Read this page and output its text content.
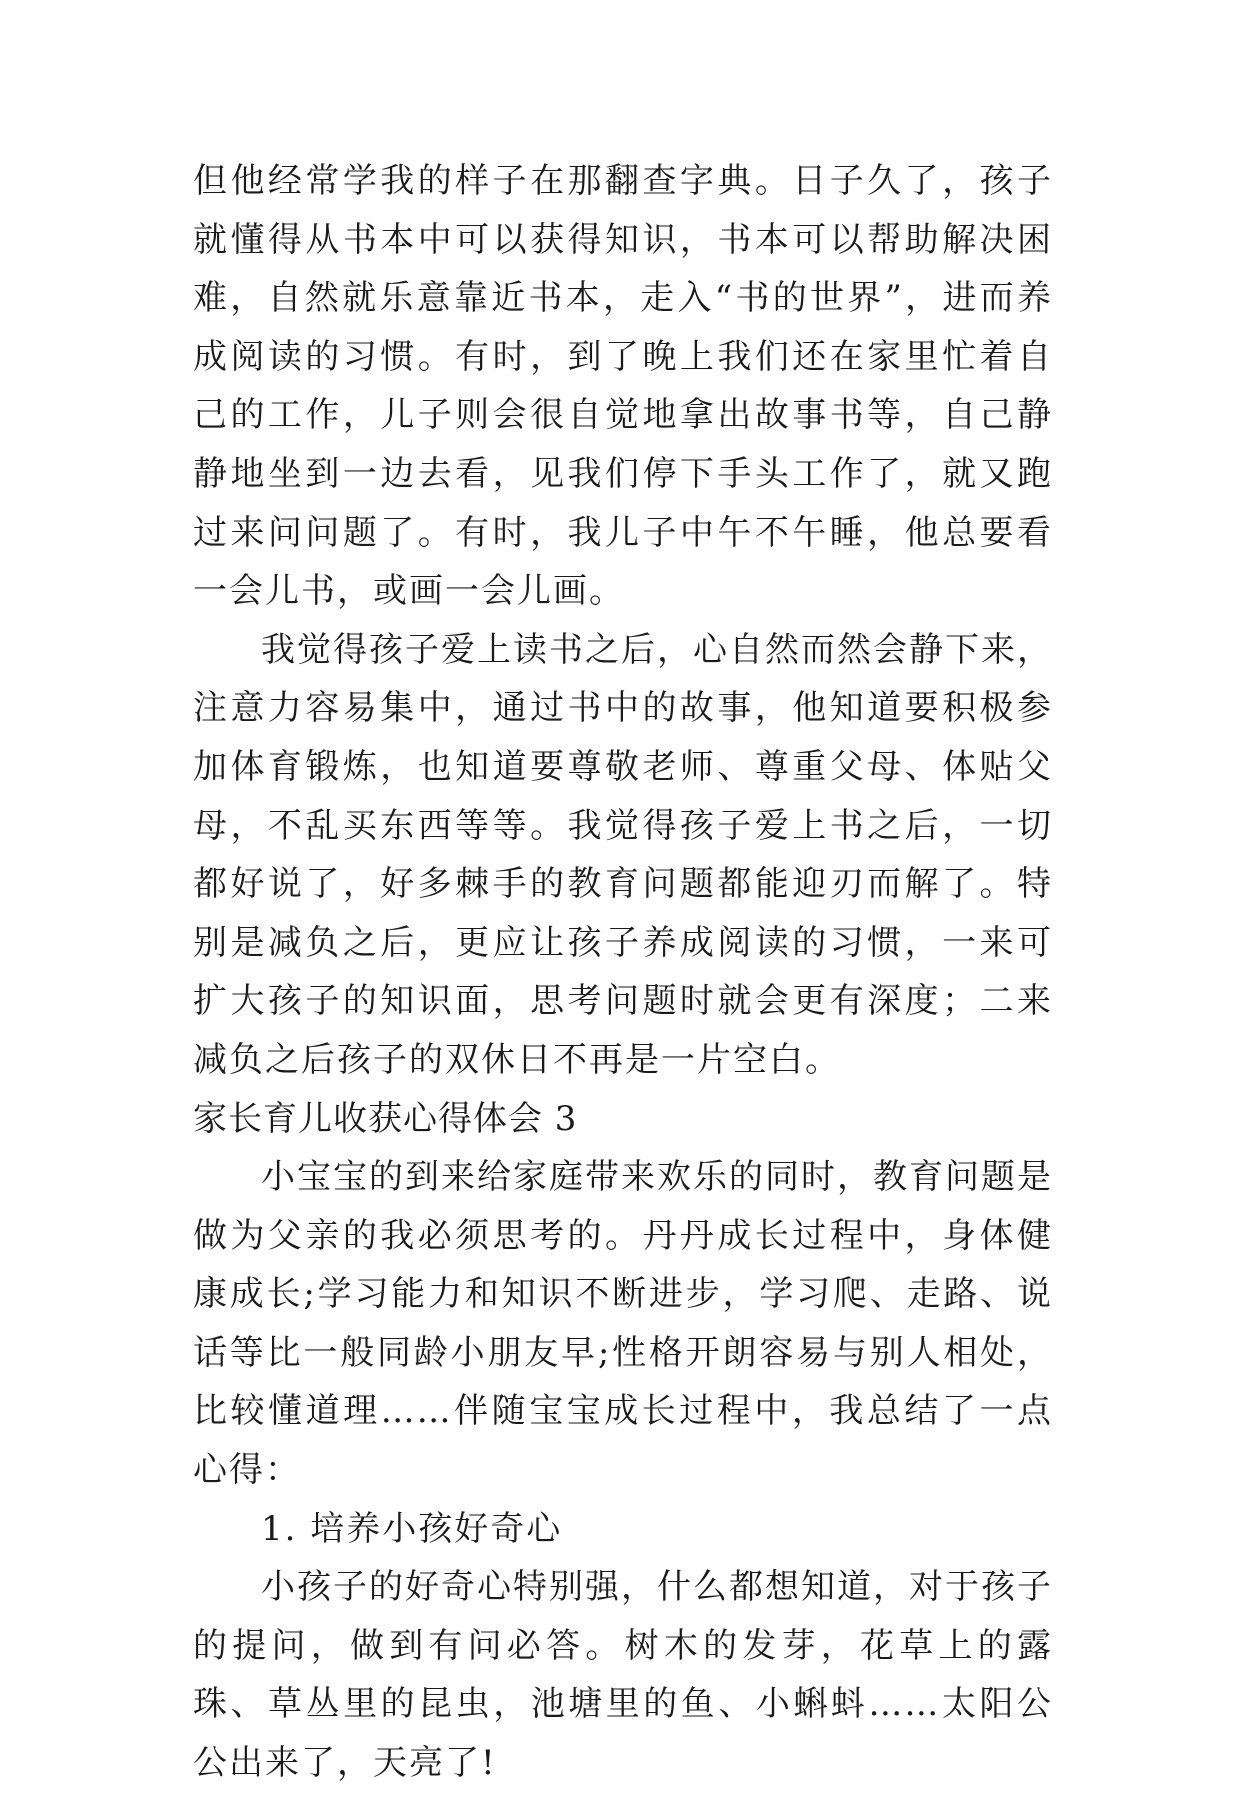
但他经常学我的样子在那翻查字典。日子久了，孩子就懂得从书本中可以获得知识，书本可以帮助解决困难，自然就乐意靠近书本，走入“书的世界”，进而养成阅读的习惯。有时，到了晚上我们还在家里忙着自己的工作，儿子则会很自觉地拿出故事书等，自己静静地坐到一边去看，见我们停下手头工作了，就又跑过来问问题了。有时，我儿子中午不午睡，他总要看一会儿书，或画一会儿画。

我觉得孩子爱上读书之后，心自然而然会静下来，注意力容易集中，通过书中的故事，他知道要积极参加体育锻炼，也知道要尊敬老师、尊重父母、体贴父母，不乱买东西等等。我觉得孩子爱上书之后，一切都好说了，好多棘手的教育问题都能迎刃而解了。特别是减负之后，更应让孩子养成阅读的习惯，一来可扩大孩子的知识面，思考问题时就会更有深度；二来减负之后孩子的双休日不再是一片空白。

家长育儿收获心得体会 3

小宝宝的到来给家庭带来欢乐的同时，教育问题是做为父亲的我必须思考的。丹丹成长过程中，身体健康成长;学习能力和知识不断进步，学习爬、走路、说话等比一般同龄小朋友早;性格开朗容易与别人相处，比较懂道理……伴随宝宝成长过程中，我总结了一点心得：

1. 培养小孩好奇心

小孩子的好奇心特别强，什么都想知道，对于孩子的提问，做到有问必答。树木的发芽，花草上的露珠、草丛里的昆虫，池塘里的鱼、小蝌蚪……太阳公公出来了，天亮了!
